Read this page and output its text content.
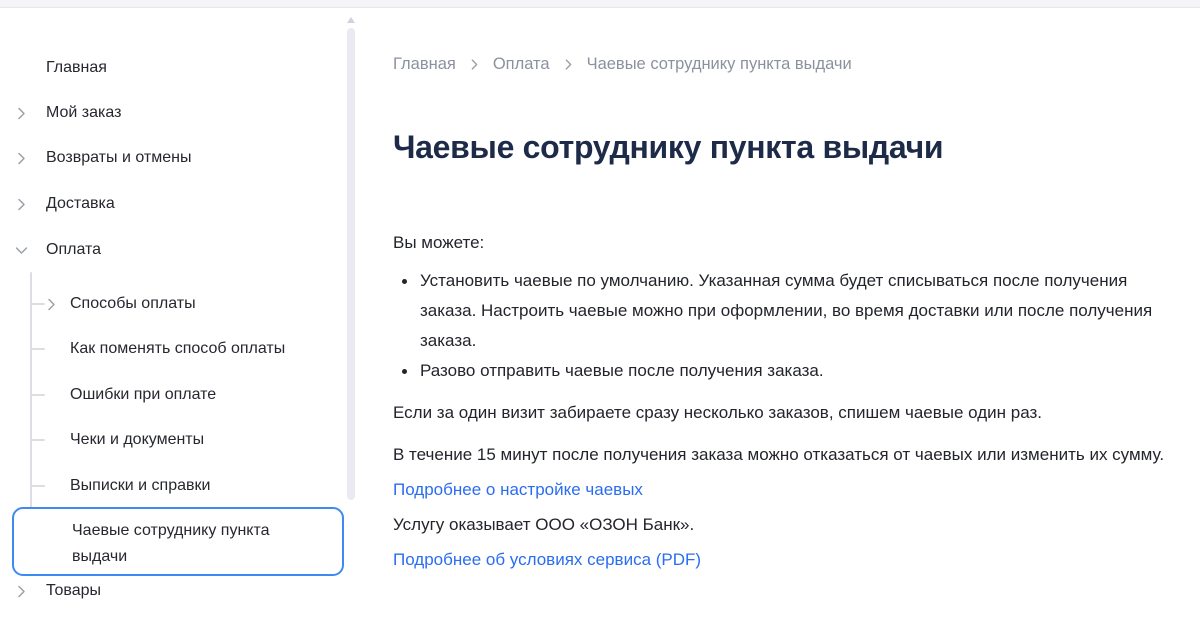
Главная
Мой заказ
Возвраты и отмены
Доставка
Оплата
Способы оплаты
Как поменять способ оплаты
Ошибки при оплате
Чеки и документы
Выписки и справки
Чаевые сотруднику пункта выдачи
Товары
Главная Оплата Чаевые сотруднику пункта выдачи
Чаевые сотруднику пункта выдачи

Вы можете:

Установить чаевые по умолчанию. Указанная сумма будет списываться после получения заказа. Настроить чаевые можно при оформлении, во время доставки или после получения заказа.
Разово отправить чаевые после получения заказа.

Если за один визит забираете сразу несколько заказов, спишем чаевые один раз.

В течение 15 минут после получения заказа можно отказаться от чаевых или изменить их сумму.

Подробнее о настройке чаевых

Услугу оказывает ООО «ОЗОН Банк».

Подробнее об условиях сервиса (PDF)
